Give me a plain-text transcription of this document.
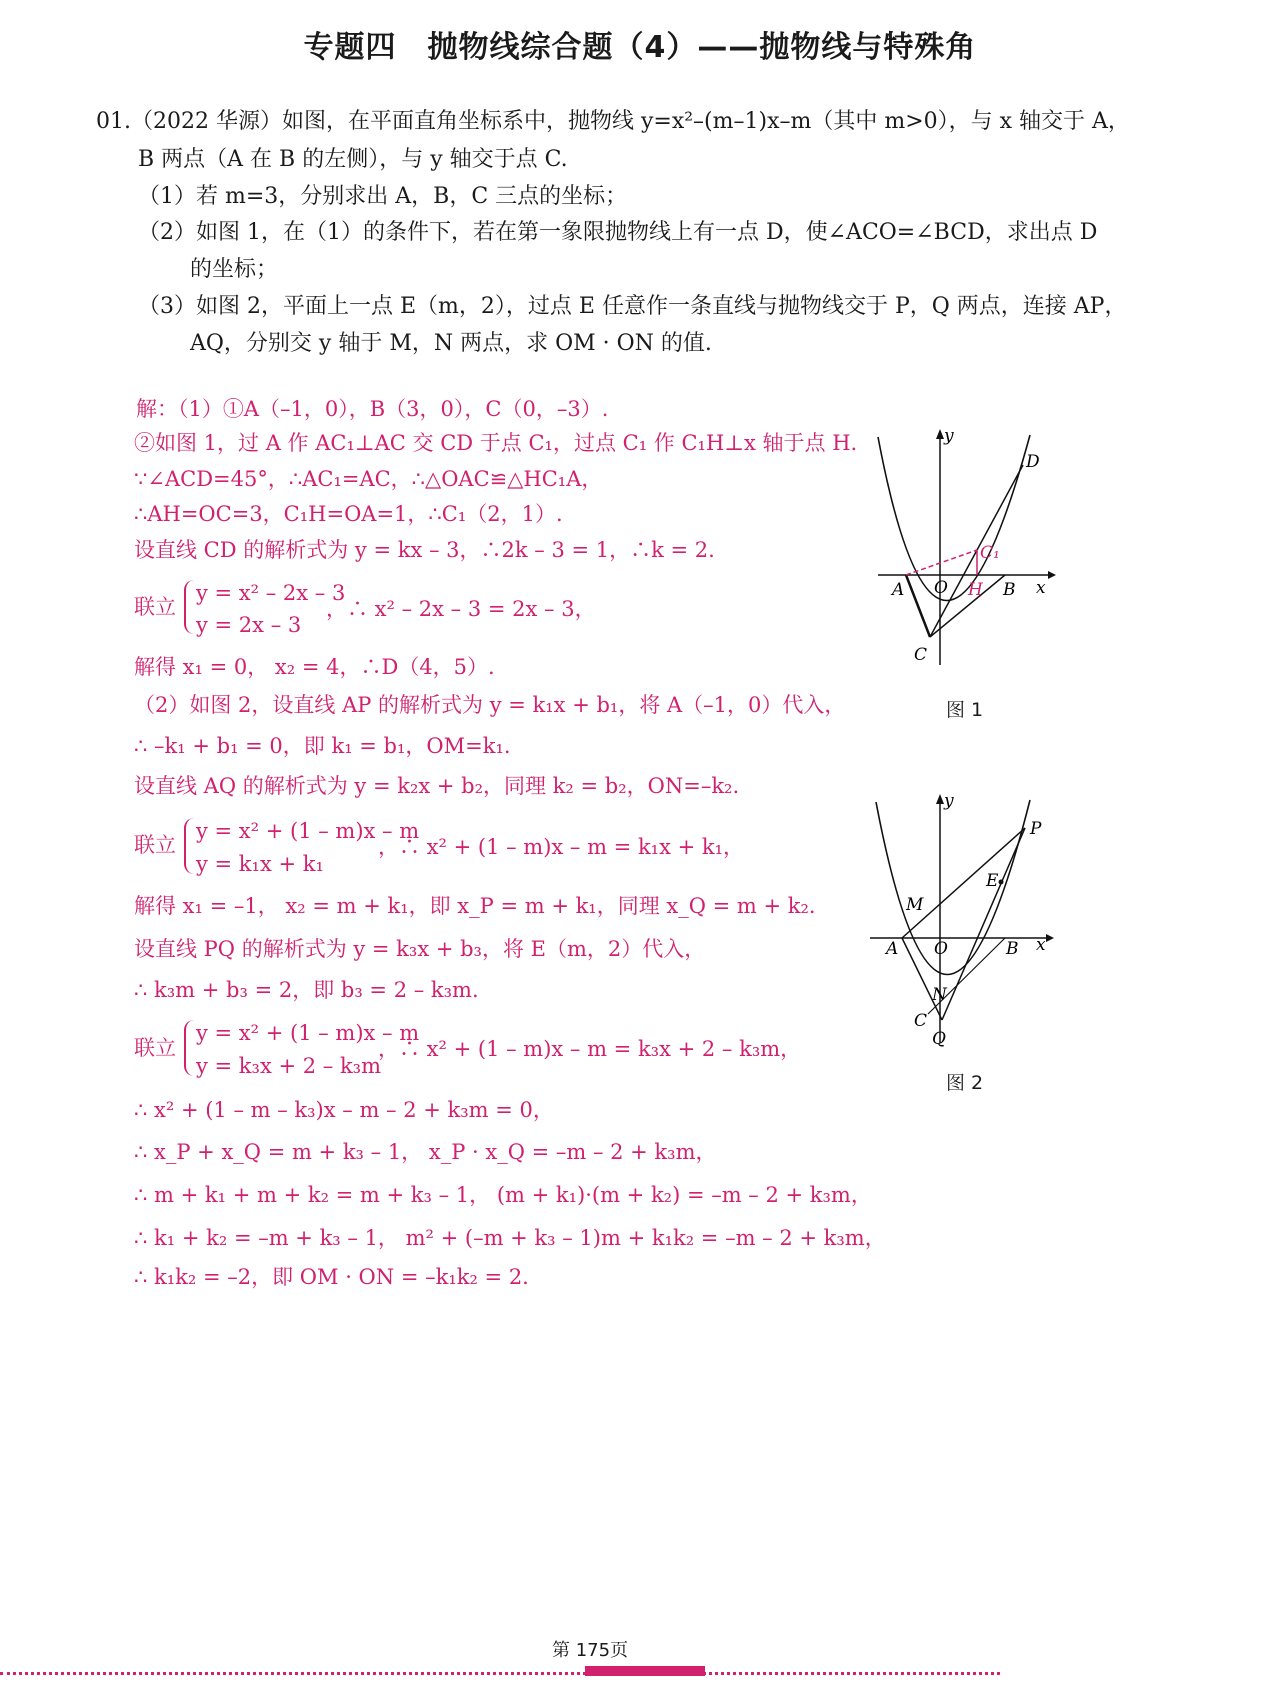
专题四　抛物线综合题（4）——抛物线与特殊角
01.（2022 华源）如图，在平面直角坐标系中，抛物线 y=x²–(m–1)x–m（其中 m>0），与 x 轴交于 A，
B 两点（A 在 B 的左侧），与 y 轴交于点 C.
（1）若 m=3，分别求出 A，B，C 三点的坐标；
（2）如图 1，在（1）的条件下，若在第一象限抛物线上有一点 D，使∠ACO=∠BCD，求出点 D
的坐标；
（3）如图 2，平面上一点 E（m，2），过点 E 任意作一条直线与抛物线交于 P，Q 两点，连接 AP，
AQ，分别交 y 轴于 M，N 两点，求 OM · ON 的值.
解：（1）①A（–1，0），B（3，0），C（0，–3）.
②如图 1，过 A 作 AC₁⊥AC 交 CD 于点 C₁，过点 C₁ 作 C₁H⊥x 轴于点 H.
∵∠ACD=45°，∴AC₁=AC，∴△OAC≌△HC₁A，
∴AH=OC=3，C₁H=OA=1，∴C₁（2，1）.
设直线 CD 的解析式为 y = kx – 3，∴2k – 3 = 1，∴k = 2.
联立
y = x² – 2x – 3
y = 2x – 3
，∴ x² – 2x – 3 = 2x – 3，
解得 x₁ = 0， x₂ = 4，∴D（4，5）.
（2）如图 2，设直线 AP 的解析式为 y = k₁x + b₁，将 A（–1，0）代入，
∴ –k₁ + b₁ = 0，即 k₁ = b₁，OM=k₁.
设直线 AQ 的解析式为 y = k₂x + b₂，同理 k₂ = b₂，ON=–k₂.
联立
y = x² + (1 – m)x – m
y = k₁x + k₁
，∴ x² + (1 – m)x – m = k₁x + k₁，
解得 x₁ = –1， x₂ = m + k₁，即 x_P = m + k₁，同理 x_Q = m + k₂.
设直线 PQ 的解析式为 y = k₃x + b₃，将 E（m，2）代入，
∴ k₃m + b₃ = 2，即 b₃ = 2 – k₃m.
联立
y = x² + (1 – m)x – m
y = k₃x + 2 – k₃m
，∴ x² + (1 – m)x – m = k₃x + 2 – k₃m，
∴ x² + (1 – m – k₃)x – m – 2 + k₃m = 0，
∴ x_P + x_Q = m + k₃ – 1， x_P · x_Q = –m – 2 + k₃m，
∴ m + k₁ + m + k₂ = m + k₃ – 1， (m + k₁)·(m + k₂) = –m – 2 + k₃m，
∴ k₁ + k₂ = –m + k₃ – 1， m² + (–m + k₃ – 1)m + k₁k₂ = –m – 2 + k₃m，
∴ k₁k₂ = –2，即 OM · ON = –k₁k₂ = 2.
y
x
A O H B
C
C₁
D
图 1
y
x
A O	B
M
N
C
Q
E
P
图 2
第 175页
